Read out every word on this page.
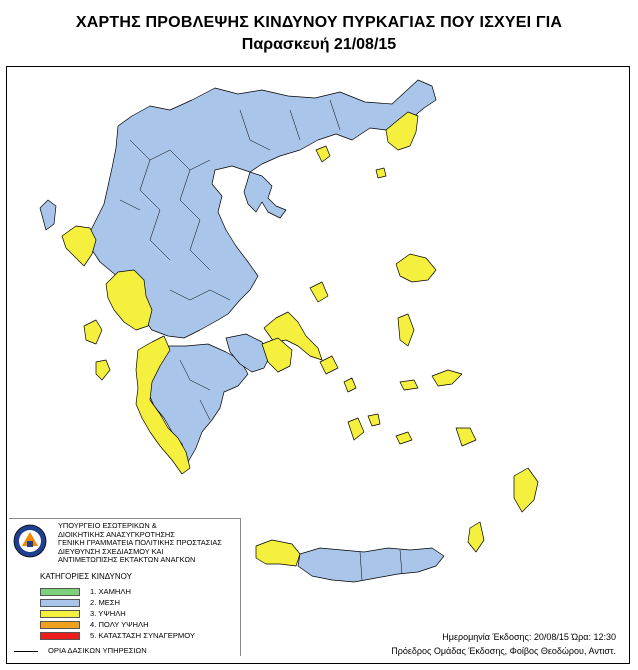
ΧΑΡΤΗΣ ΠΡΟΒΛΕΨΗΣ ΚΙΝΔΥΝΟΥ ΠΥΡΚΑΓΙΑΣ ΠΟΥ ΙΣΧΥΕΙ ΓΙΑ
Παρασκευή 21/08/15
ΥΠΟΥΡΓΕΙΟ ΕΣΩΤΕΡΙΚΩΝ &
ΔΙΟΙΚΗΤΙΚΗΣ ΑΝΑΣΥΓΚΡΟΤΗΣΗΣ
ΓΕΝΙΚΗ ΓΡΑΜΜΑΤΕΙΑ ΠΟΛΙΤΙΚΗΣ ΠΡΟΣΤΑΣΙΑΣ
ΔΙΕΥΘΥΝΣΗ ΣΧΕΔΙΑΣΜΟΥ ΚΑΙ
ΑΝΤΙΜΕΤΩΠΙΣΗΣ ΕΚΤΑΚΤΩΝ ΑΝΑΓΚΩΝ
ΚΑΤΗΓΟΡΙΕΣ ΚΙΝΔΥΝΟΥ
1. ΧΑΜΗΛΗ
2. ΜΕΣΗ
3. ΥΨΗΛΗ
4. ΠΟΛΥ ΥΨΗΛΗ
5. ΚΑΤΑΣΤΑΣΗ ΣΥΝΑΓΕΡΜΟΥ
ΟΡΙΑ ΔΑΣΙΚΩΝ ΥΠΗΡΕΣΙΩΝ
Ημερομηνία Έκδοσης: 20/08/15 Ώρα: 12:30
Πρόεδρος Ομάδας Έκδοσης, Φοίβος Θεοδώρου, Αντιστ.
